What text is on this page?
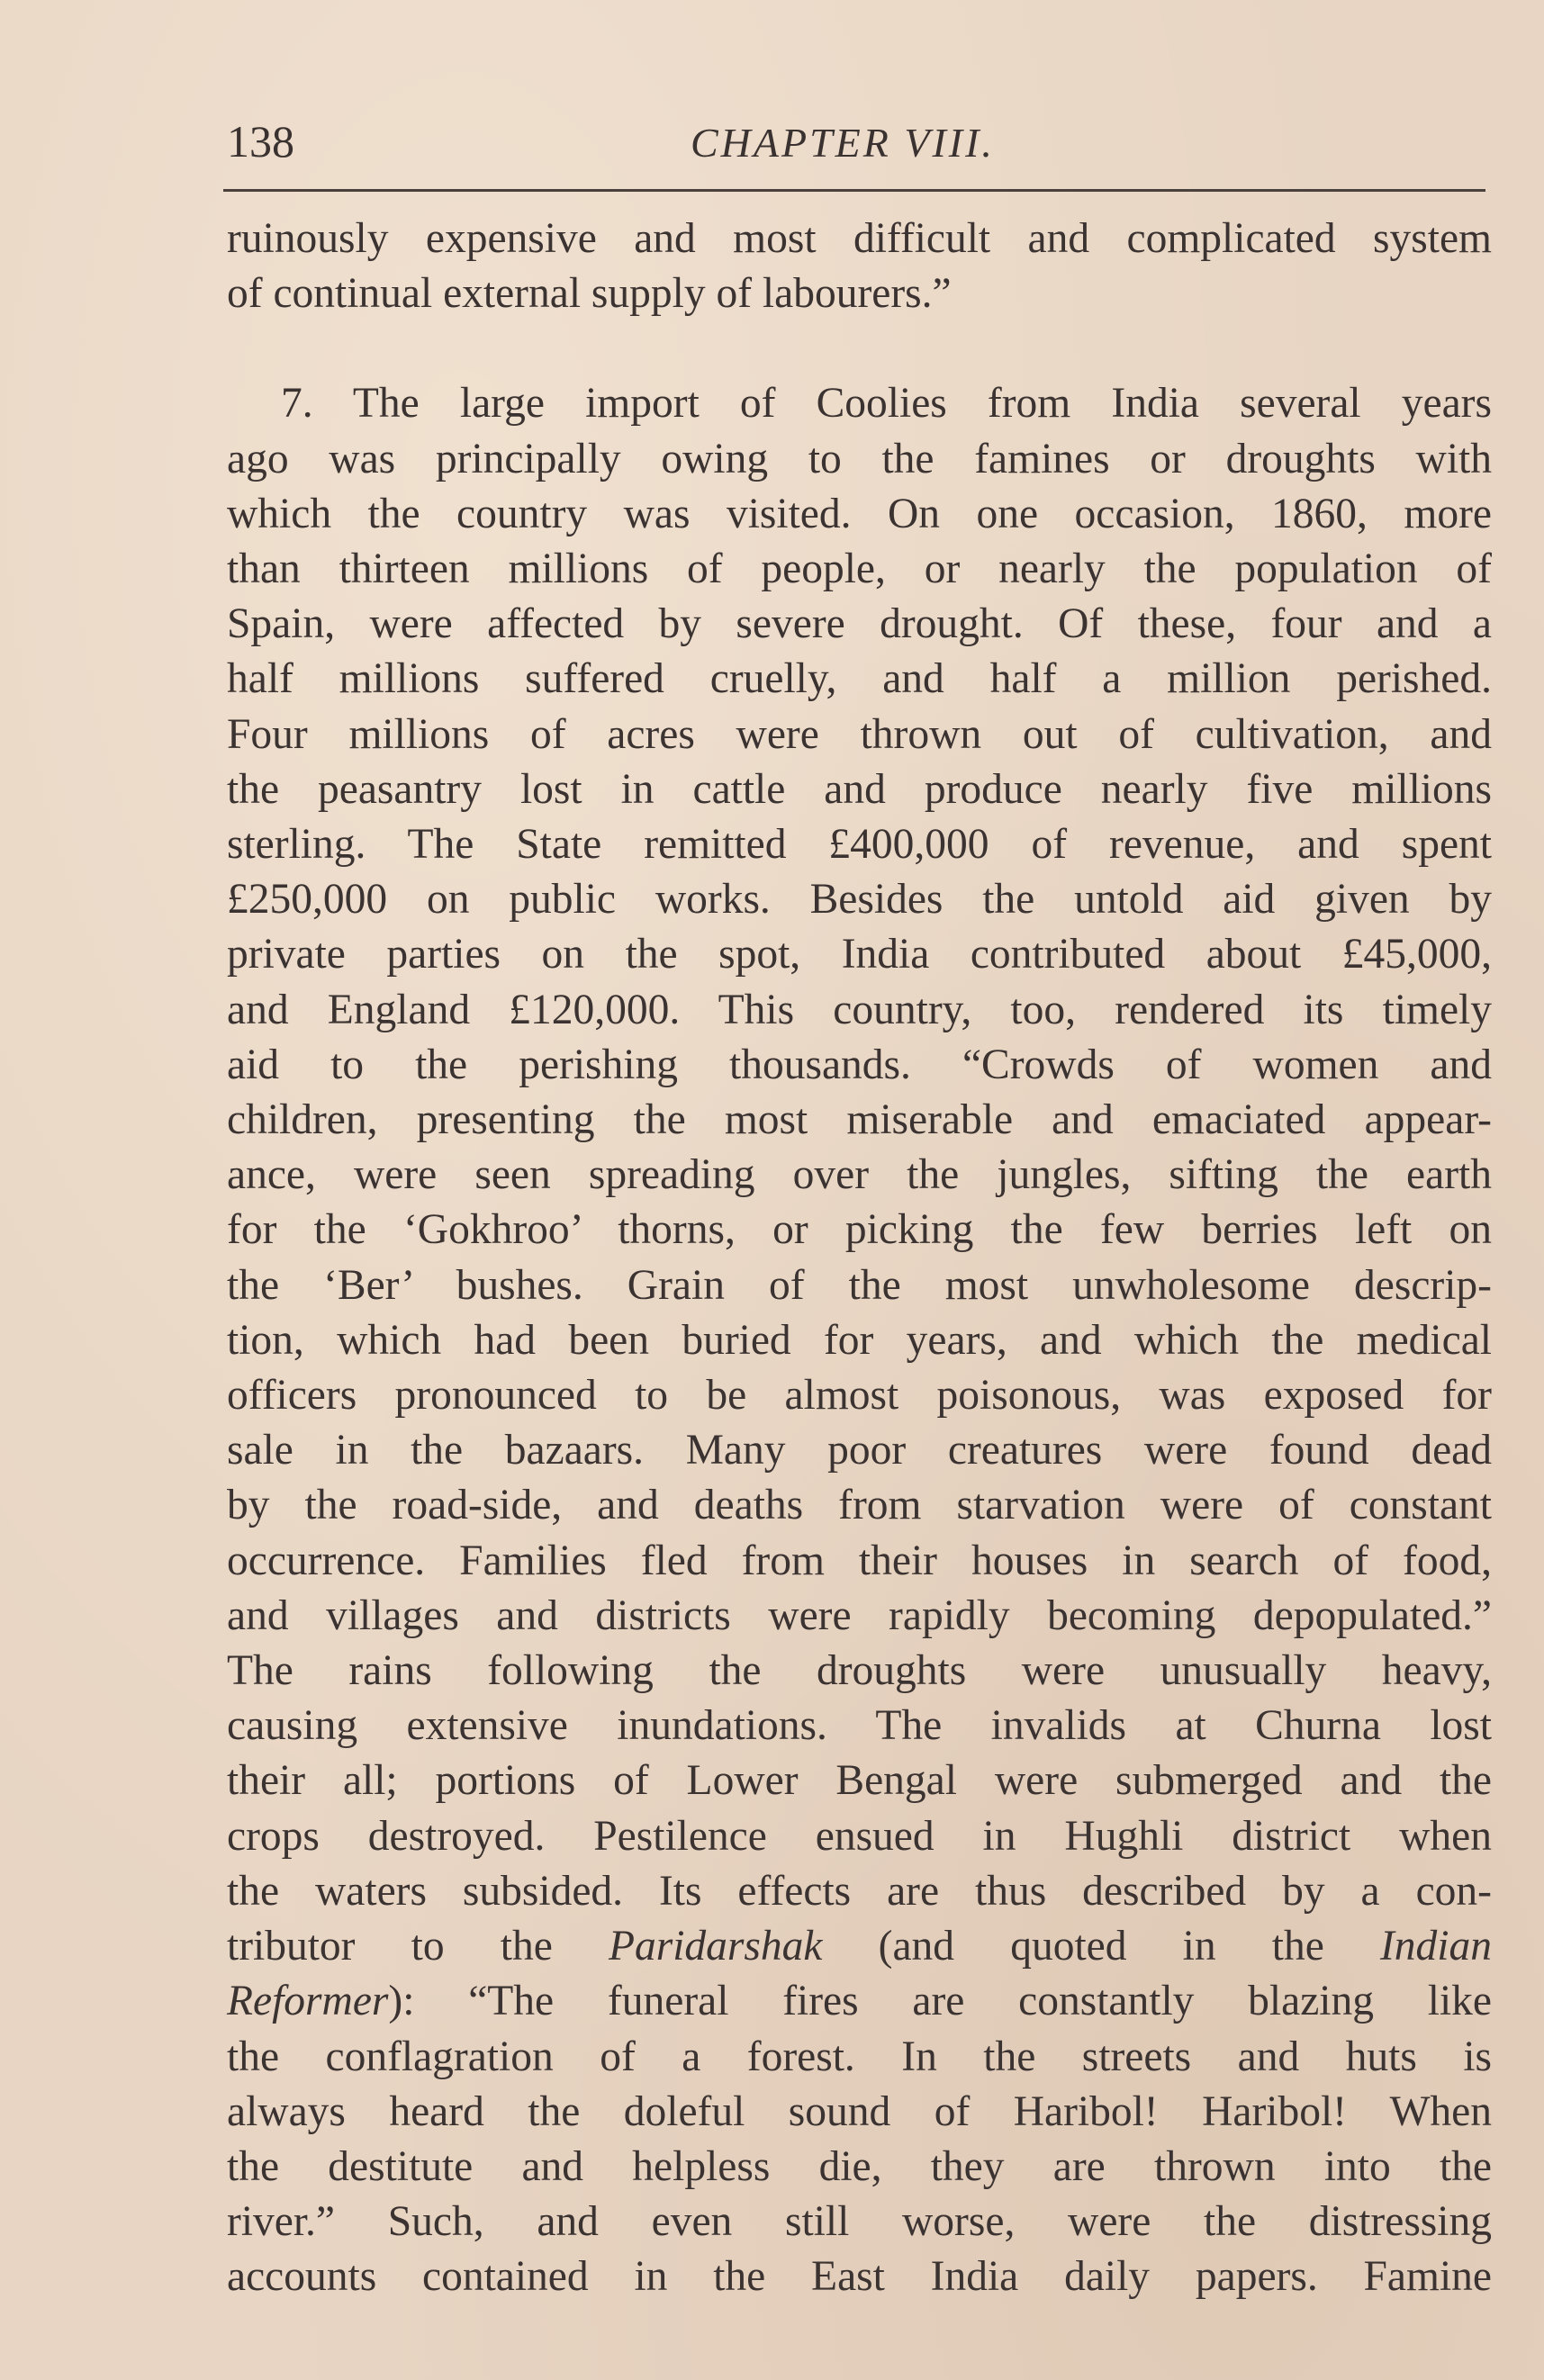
138	CHAPTER VIII.
ruinously expensive and most difficult and complicated system
of continual external supply of labourers.”
7. The large import of Coolies from India several years
ago was principally owing to the famines or droughts with
which the country was visited. On one occasion, 1860, more
than thirteen millions of people, or nearly the population of
Spain, were affected by severe drought. Of these, four and a
half millions suffered cruelly, and half a million perished.
Four millions of acres were thrown out of cultivation, and
the peasantry lost in cattle and produce nearly five millions
sterling. The State remitted £400,000 of revenue, and spent
£250,000 on public works. Besides the untold aid given by
private parties on the spot, India contributed about £45,000,
and England £120,000. This country, too, rendered its timely
aid to the perishing thousands. “Crowds of women and
children, presenting the most miserable and emaciated appear-
ance, were seen spreading over the jungles, sifting the earth
for the ‘Gokhroo’ thorns, or picking the few berries left on
the ‘Ber’ bushes. Grain of the most unwholesome descrip-
tion, which had been buried for years, and which the medical
officers pronounced to be almost poisonous, was exposed for
sale in the bazaars. Many poor creatures were found dead
by the road-side, and deaths from starvation were of constant
occurrence. Families fled from their houses in search of food,
and villages and districts were rapidly becoming depopulated.”
The rains following the droughts were unusually heavy,
causing extensive inundations. The invalids at Churna lost
their all; portions of Lower Bengal were submerged and the
crops destroyed. Pestilence ensued in Hughli district when
the waters subsided. Its effects are thus described by a con-
tributor to the Paridarshak (and quoted in the Indian
Reformer): “The funeral fires are constantly blazing like
the conflagration of a forest. In the streets and huts is
always heard the doleful sound of Haribol! Haribol! When
the destitute and helpless die, they are thrown into the
river.” Such, and even still worse, were the distressing
accounts contained in the East India daily papers. Famine
